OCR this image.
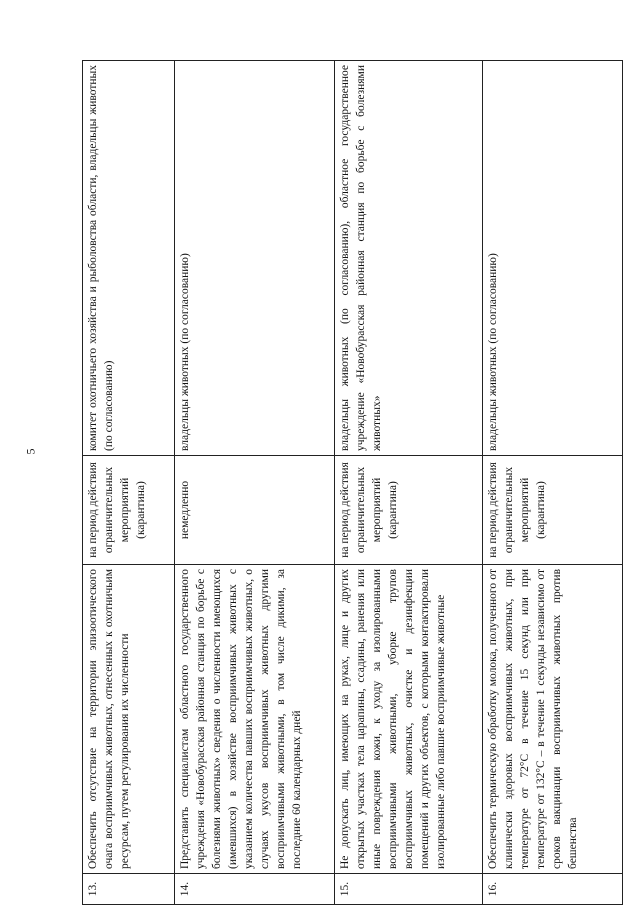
5
13.	Обеспечить отсутствие на территории эпизоотического очага восприимчивых животных, отнесенных к охотничьим ресурсам, путем регулирования их численности	на период действия ограничительных мероприятий (карантина)	комитет охотничьего хозяйства и рыболовства области, владельцы животных (по согласованию)
14.	Представить специалистам областного государственного учреждения «Новобурасская районная станция по борьбе с болезнями животных» сведения о численности имеющихся (имевшихся) в хозяйстве восприимчивых животных с указанием количества павших восприимчивых животных, о случаях укусов восприимчивых животных другими восприимчивыми животными, в том числе дикими, за последние 60 календарных дней	немедленно	владельцы животных (по согласованию)
15.	Не допускать лиц, имеющих на руках, лице и других открытых участках тела царапины, ссадины, ранения или иные повреждения кожи, к уходу за изолированными восприимчивыми животными, уборке трупов восприимчивых животных, очистке и дезинфекции помещений и других объектов, с которыми контактировали изолированные либо павшие восприимчивые животные	на период действия ограничительных мероприятий (карантина)	владельцы животных (по согласованию), областное государственное учреждение «Новобурасская районная станция по борьбе с болезнями животных»
16.	Обеспечить термическую обработку молока, полученного от клинически здоровых восприимчивых животных, при температуре от 72°С в течение 15 секунд или при температуре от 132°С – в течение 1 секунды независимо от сроков вакцинации восприимчивых животных против бешенства	на период действия ограничительных мероприятий (карантина)	владельцы животных (по согласованию)
